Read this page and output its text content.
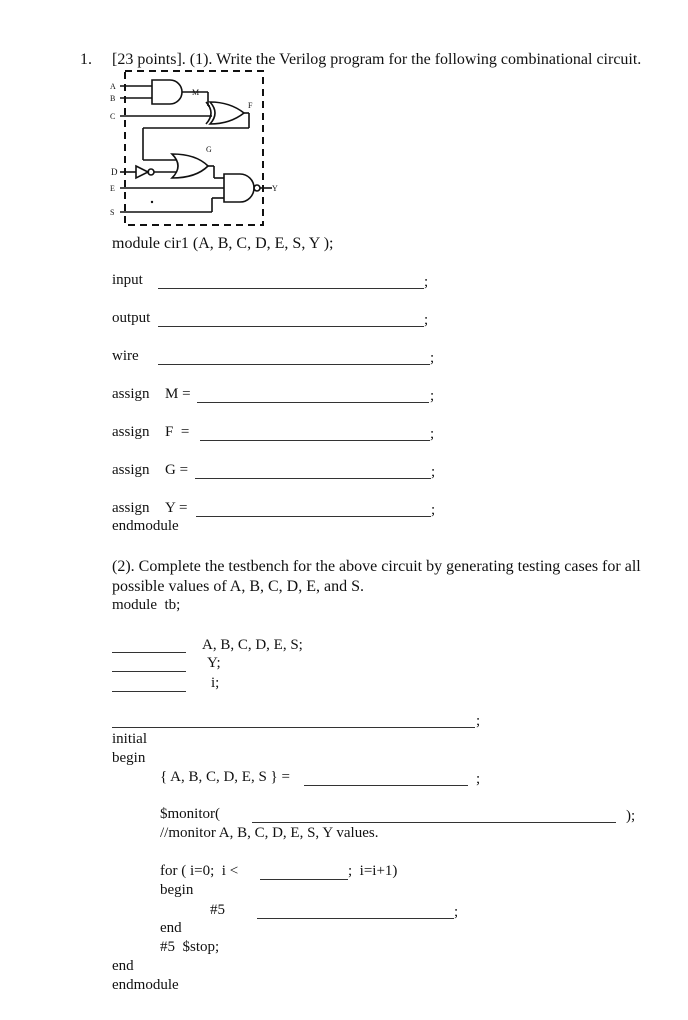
1. [23 points]. (1). Write the Verilog program for the following combinational circuit.
A
B
C
D
E
S
M
F
G
Y
module cir1 (A, B, C, D, E, S, Y );
input	;
output	;
wire	;
assign M =	;
assign F  =	;
assign G =	;
assign Y =	;
endmodule
(2). Complete the testbench for the above circuit by generating testing cases for all
possible values of A, B, C, D, E, and S.
module  tb;
A, B, C, D, E, S;
Y;
i;
;
initial
begin
{ A, B, C, D, E, S } =	;
$monitor(	);
//monitor A, B, C, D, E, S, Y values.
for ( i=0;  i <	;  i=i+1)
begin
#5	;
end
#5  $stop;
end
endmodule
